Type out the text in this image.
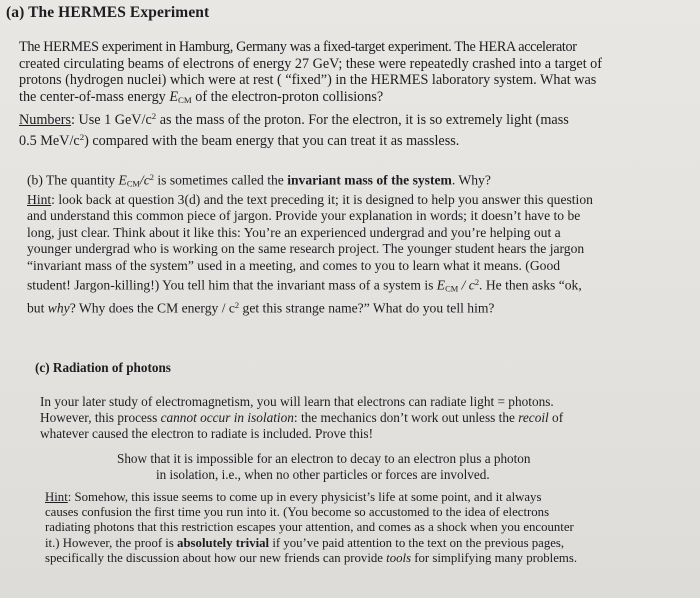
(a) The HERMES Experiment
The HERMES experiment in Hamburg, Germany was a fixed-target experiment. The HERA accelerator
created circulating beams of electrons of energy 27 GeV; these were repeatedly crashed into a target of
protons (hydrogen nuclei) which were at rest ( “fixed”) in the HERMES laboratory system. What was
the center-of-mass energy ECM of the electron-proton collisions?
Numbers: Use 1 GeV/$c^2$ as the mass of the proton. For the electron, it is so extremely light (mass
0.5 MeV/$c^2$) compared with the beam energy that you can treat it as massless.
(b) The quantity ECM/$c^2$ is sometimes called the invariant mass of the system. Why?
Hint: look back at question 3(d) and the text preceding it; it is designed to help you answer this question
and understand this common piece of jargon. Provide your explanation in words; it doesn’t have to be
long, just clear. Think about it like this: You’re an experienced undergrad and you’re helping out a
younger undergrad who is working on the same research project. The younger student hears the jargon
“invariant mass of the system” used in a meeting, and comes to you to learn what it means. (Good
student! Jargon-killing!) You tell him that the invariant mass of a system is ECM / $c^2$. He then asks “ok,
but why? Why does the CM energy / $c^2$ get this strange name?” What do you tell him?
(c) Radiation of photons
In your later study of electromagnetism, you will learn that electrons can radiate light = photons.
However, this process cannot occur in isolation: the mechanics don’t work out unless the recoil of
whatever caused the electron to radiate is included. Prove this!
Show that it is impossible for an electron to decay to an electron plus a photon
in isolation, i.e., when no other particles or forces are involved.
Hint: Somehow, this issue seems to come up in every physicist’s life at some point, and it always
causes confusion the first time you run into it. (You become so accustomed to the idea of electrons
radiating photons that this restriction escapes your attention, and comes as a shock when you encounter
it.) However, the proof is absolutely trivial if you’ve paid attention to the text on the previous pages,
specifically the discussion about how our new friends can provide tools for simplifying many problems.
